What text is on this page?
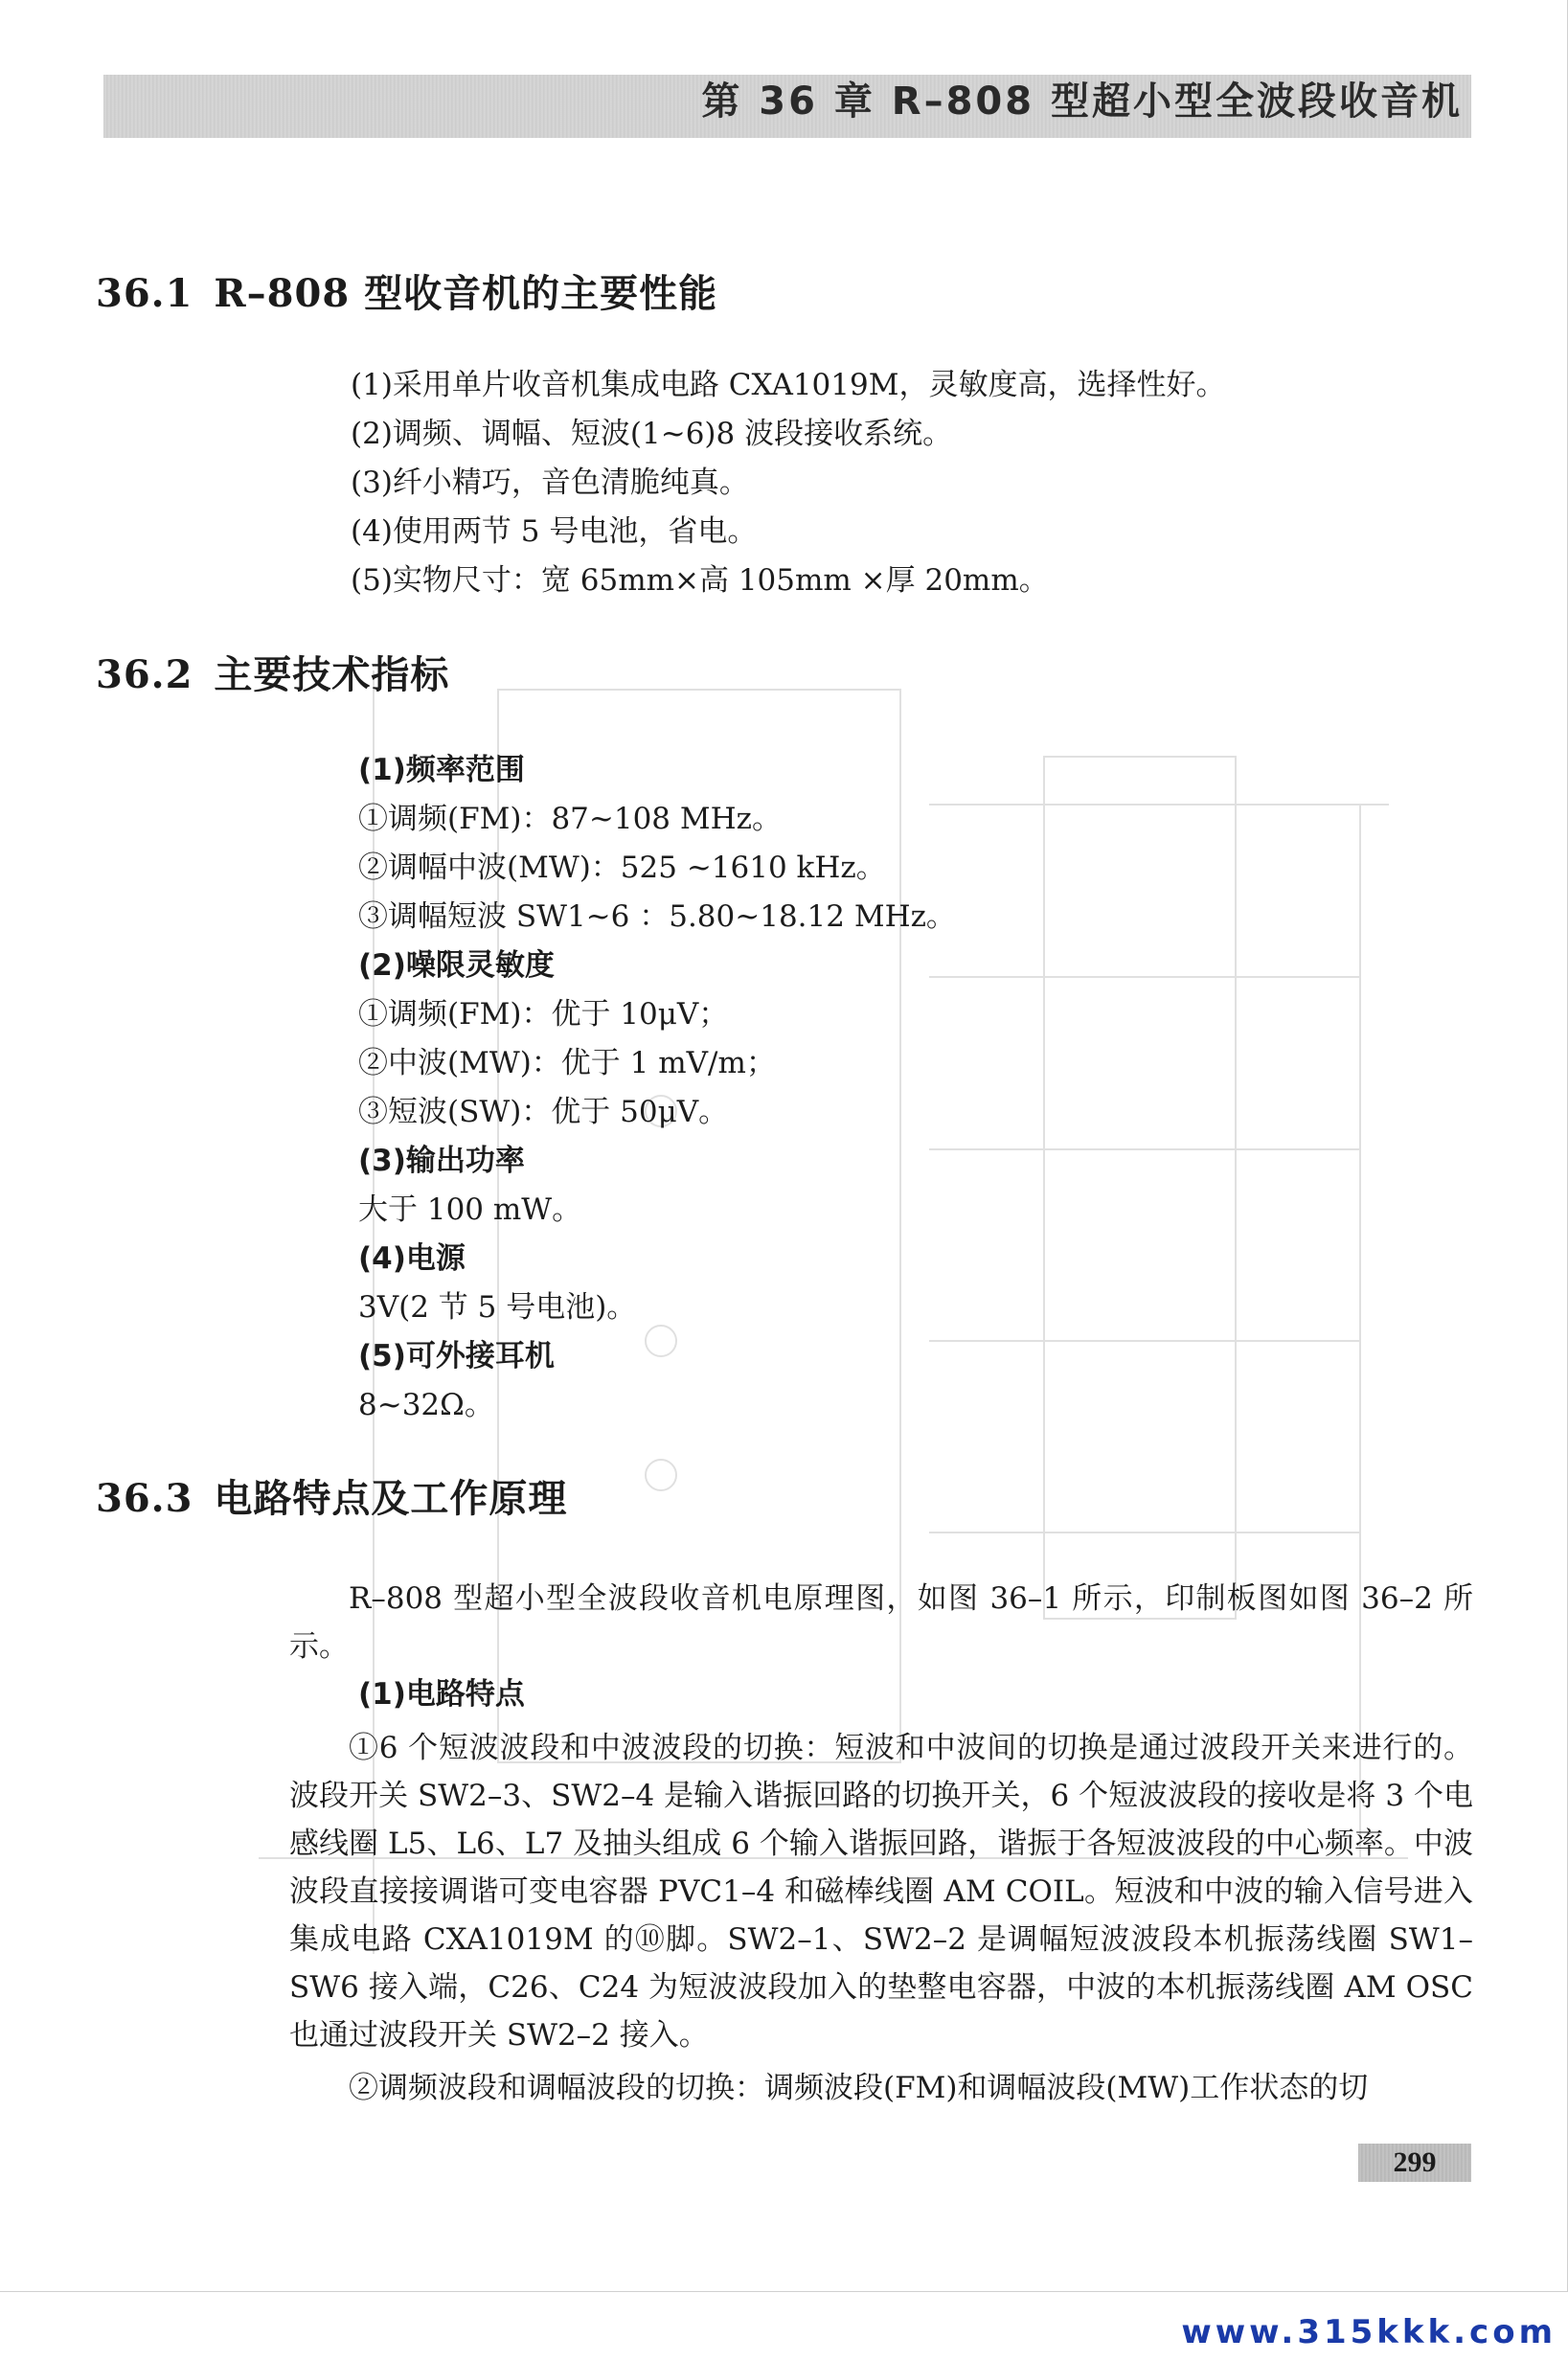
第 36 章 R–808 型超小型全波段收音机
36.1 R–808 型收音机的主要性能
(1)采用单片收音机集成电路 CXA1019M，灵敏度高，选择性好。
(2)调频、调幅、短波(1~6)8 波段接收系统。
(3)纤小精巧，音色清脆纯真。
(4)使用两节 5 号电池，省电。
(5)实物尺寸：宽 65mm×高 105mm ×厚 20mm。
36.2 主要技术指标
(1)频率范围
①调频(FM)：87~108 MHz。
②调幅中波(MW)：525 ~1610 kHz。
③调幅短波 SW1~6 ：5.80~18.12 MHz。
(2)噪限灵敏度
①调频(FM)：优于 10μV；
②中波(MW)：优于 1 mV/m；
③短波(SW)：优于 50μV。
(3)输出功率
大于 100 mW。
(4)电源
3V(2 节 5 号电池)。
(5)可外接耳机
8~32Ω。
36.3 电路特点及工作原理
R–808 型超小型全波段收音机电原理图，如图 36–1 所示，印制板图如图 36–2 所示。
(1)电路特点
①6 个短波波段和中波波段的切换：短波和中波间的切换是通过波段开关来进行的。波段开关 SW2–3、SW2–4 是输入谐振回路的切换开关，6 个短波波段的接收是将 3 个电感线圈 L5、L6、L7 及抽头组成 6 个输入谐振回路，谐振于各短波波段的中心频率。中波波段直接接调谐可变电容器 PVC1–4 和磁棒线圈 AM COIL。短波和中波的输入信号进入集成电路 CXA1019M 的⑩脚。SW2–1、SW2–2 是调幅短波波段本机振荡线圈 SW1–SW6 接入端，C26、C24 为短波波段加入的垫整电容器，中波的本机振荡线圈 AM OSC 也通过波段开关 SW2–2 接入。
②调频波段和调幅波段的切换：调频波段(FM)和调幅波段(MW)工作状态的切
299
www.315kkk.com
